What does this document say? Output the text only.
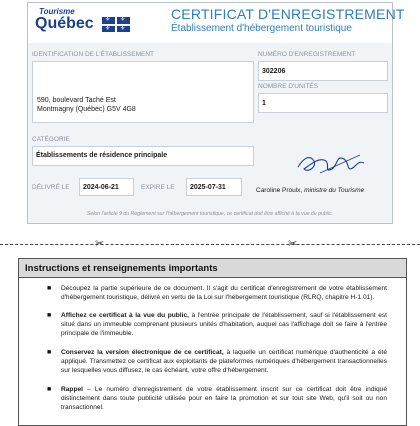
Tourisme
Québec ⚜ ⚜
⚜ ⚜
CERTIFICAT D'ENREGISTREMENT
Établissement d'hébergement touristique
IDENTIFICATION DE L'ÉTABLISSEMENT
590, boulevard Taché Est
Montmagny (Québec) G5V 4G8
NUMÉRO D'ENREGISTREMENT
302206
NOMBRE D'UNITÉS
1
CATÉGORIE
Établissements de résidence principale
DÉLIVRÉ LE 2024-06-21	EXPIRE LE 2025-07-31	Caroline Proulx, ministre du Tourisme
Selon l'article 9 du Règlement sur l'hébergement touristique, ce certificat doit être affiché à la vue du public.
✂	✂
Instructions et renseignements importants
■ Découpez la partie supérieure de ce document. Il s'agit du certificat d'enregistrement de votre établissement d'hébergement touristique, délivré en vertu de la Loi sur l'hébergement touristique (RLRQ, chapitre H-1.01).
■ Affichez ce certificat à la vue du public, à l'entrée principale de l'établissement, sauf si l'établissement est situé dans un immeuble comprenant plusieurs unités d'habitation, auquel cas l'affichage doit se faire à l'entrée principale de l'immeuble.
■ Conservez la version électronique de ce certificat, à laquelle un certificat numérique d'authenticité a été appliqué. Transmettez ce certificat aux exploitants de plateformes numériques d'hébergement transactionnelles sur lesquelles vous diffusez, le cas échéant, votre offre d'hébergement.
■ Rappel – Le numéro d'enregistrement de votre établissement inscrit sur ce certificat doit être indiqué distinctement dans toute publicité utilisée pour en faire la promotion et sur tout site Web, qu'il soit ou non transactionnel.
